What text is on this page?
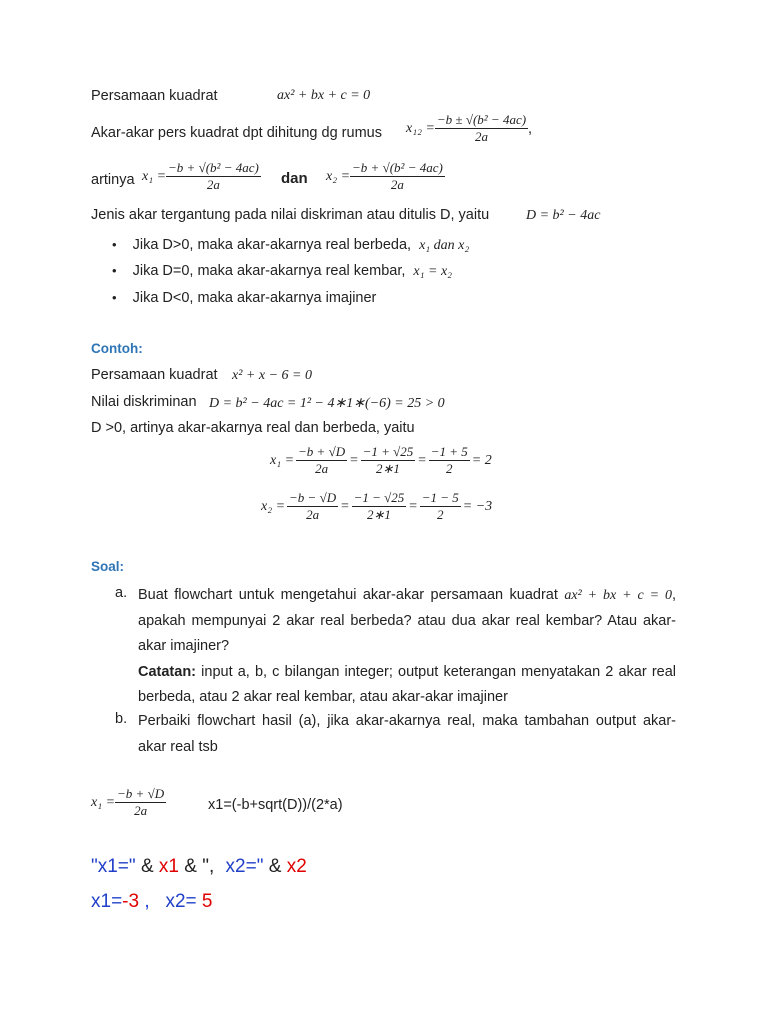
Persamaan kuadrat	ax² + bx + c = 0
Akar-akar pers kuadrat dpt dihitung dg rumus $x_{12} = \frac{\text{−b ± √(b² − 4ac)}}{2a}$ ,
artinya $x_1 = \frac{\text{−b + √(b² − 4ac)}}{2a}$ dan $x_2 = \frac{\text{−b + √(b² − 4ac)}}{2a}$
Jenis akar tergantung pada nilai diskriman atau ditulis D, yaitu	D = b² − 4ac
• Jika D>0, maka akar-akarnya real berbeda, x₁ dan x₂
• Jika D=0, maka akar-akarnya real kembar, x₁ = x₂
• Jika D<0, maka akar-akarnya imajiner
Contoh:
Persamaan kuadrat x² + x − 6 = 0
Nilai diskriminan D = b² − 4ac = 1² − 4∗1∗(−6) = 25 > 0
D >0, artinya akar-akarnya real dan berbeda, yaitu
$x_1 = \frac{-b + √D}{2a} = \frac{-1 + √25}{2∗1} = \frac{-1 + 5}{2} = 2$
$x_2 = \frac{-b - √D}{2a} = \frac{-1 - √25}{2∗1} = \frac{-1 - 5}{2} = -3$
Soal:
a. Buat flowchart untuk mengetahui akar-akar persamaan kuadrat ax² + bx + c = 0, apakah mempunyai 2 akar real berbeda? atau dua akar real kembar? Atau akar-akar imajiner?
Catatan: input a, b, c bilangan integer; output keterangan menyatakan 2 akar real berbeda, atau 2 akar real kembar, atau akar-akar imajiner
b. Perbaiki flowchart hasil (a), jika akar-akarnya real, maka tambahan output akar-akar real tsb
$x_1 = \frac{-b + √D}{2a}$	x1=(-b+sqrt(D))/(2*a)
"x1=" & x1 & ", x2=" & x2
x1=-3 ,   x2= 5
